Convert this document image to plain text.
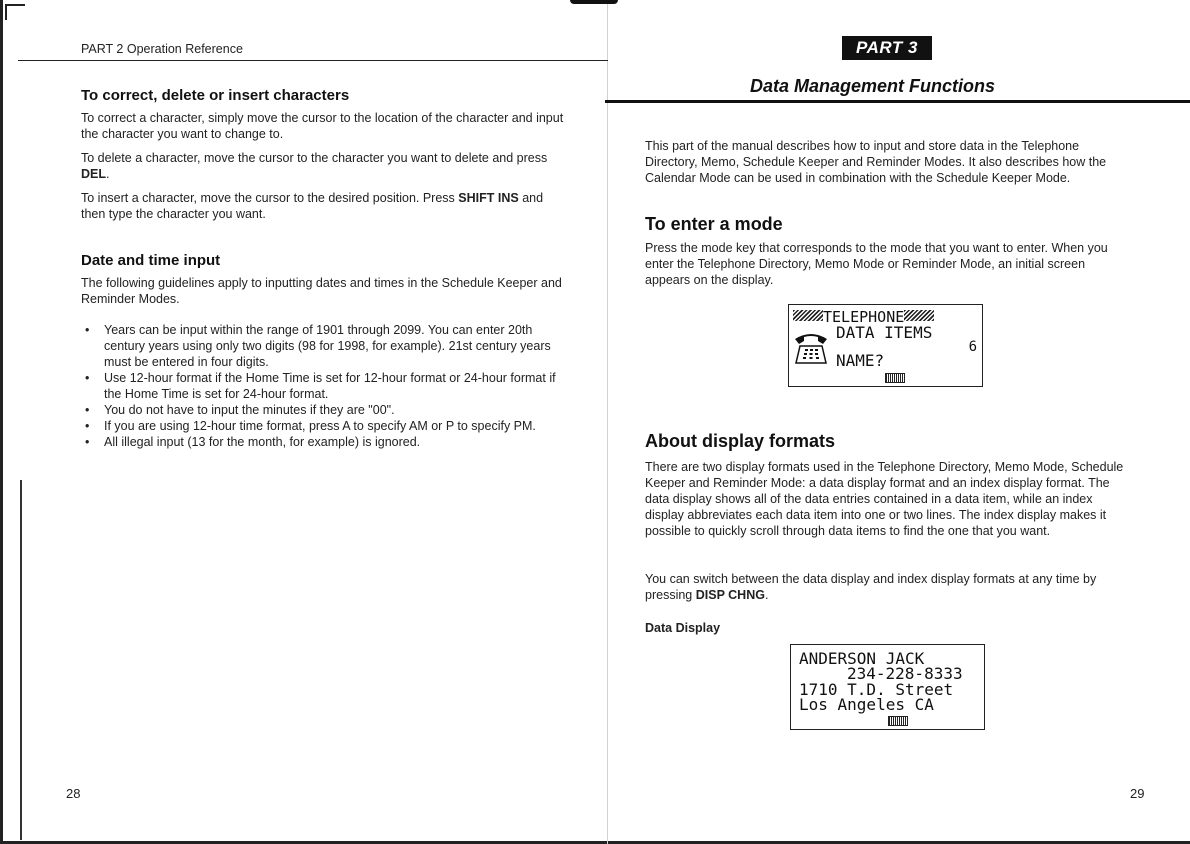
PART 2 Operation Reference
To correct, delete or insert characters

To correct a character, simply move the cursor to the location of the character and input the character you want to change to.

To delete a character, move the cursor to the character you want to delete and press DEL.

To insert a character, move the cursor to the desired position. Press SHIFT INS and then type the character you want.

Date and time input

The following guidelines apply to inputting dates and times in the Schedule Keeper and Reminder Modes.

• Years can be input within the range of 1901 through 2099. You can enter 20th century years using only two digits (98 for 1998, for example). 21st century years must be entered in four digits.
• Use 12-hour format if the Home Time is set for 12-hour format or 24-hour format if the Home Time is set for 24-hour format.
• You do not have to input the minutes if they are "00".
• If you are using 12-hour time format, press A to specify AM or P to specify PM.
• All illegal input (13 for the month, for example) is ignored.
28
PART 3
Data Management Functions

This part of the manual describes how to input and store data in the Telephone Directory, Memo, Schedule Keeper and Reminder Modes. It also describes how the Calendar Mode can be used in combination with the Schedule Keeper Mode.

To enter a mode

Press the mode key that corresponds to the mode that you want to enter. When you enter the Telephone Directory, Memo Mode or Reminder Mode, an initial screen appears on the display.

TELEPHONE
DATA ITEMS
6
NAME?
About display formats

There are two display formats used in the Telephone Directory, Memo Mode, Schedule Keeper and Reminder Mode: a data display format and an index display format. The data display shows all of the data entries contained in a data item, while an index display abbreviates each data item into one or two lines. The index display makes it possible to quickly scroll through data items to find the one that you want.

You can switch between the data display and index display formats at any time by pressing DISP CHNG.

Data Display
ANDERSON JACK
234-228-8333
1710 T.D. Street
Los Angeles CA
29
